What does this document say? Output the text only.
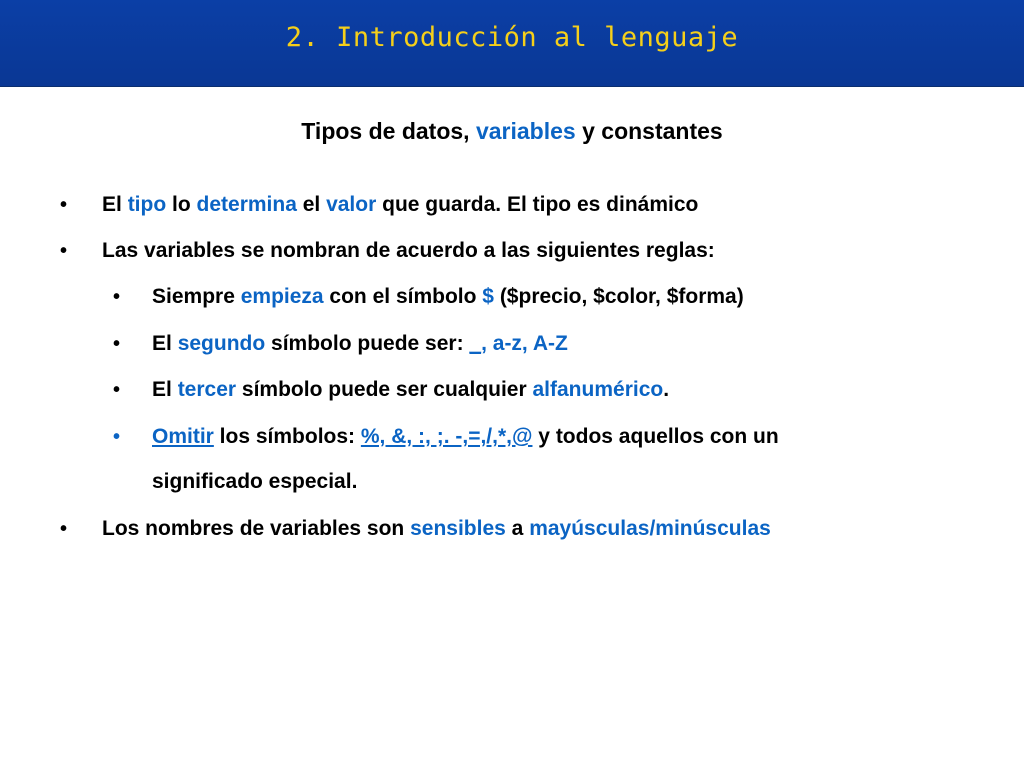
2. Introducción al lenguaje
Tipos de datos, variables y constantes
• El tipo lo determina el valor que guarda. El tipo es dinámico
• Las variables se nombran de acuerdo a las siguientes reglas:
• Siempre empieza con el símbolo $ ($precio, $color, $forma)
• El segundo símbolo puede ser: _, a-z, A-Z
• El tercer símbolo puede ser cualquier alfanumérico.
• Omitir los símbolos: %, &, :, ;. -,=,/,*,@ y todos aquellos con un
significado especial.
• Los nombres de variables son sensibles a mayúsculas/minúsculas
